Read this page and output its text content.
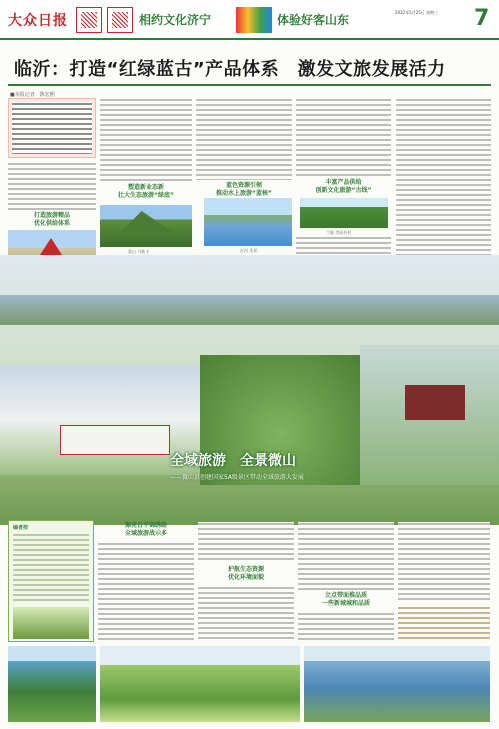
大众日报	相约文化济宁	体验好客山东
2022年5月25日 星期三	7
临沂：打造“红绿蓝古”产品体系　激发文旅发展活力
■本报记者　陈宏熙
打造旅游精品
优化供给体系
塑造新业态新
壮大生态旅游“绿底”
蒙山 马蚨卡
蓝色资源引领
推动水上旅游“蓝核”
沂河 美景
丰富产品供给
创新文化旅游“古线”
兰陵 美丽乡村
全域旅游　全景微山
——微山县创建国家5A级景区带动全域旅游大发展
编者按	擦亮台平锦绣路
全域旅游战示多
护航生态资源
优化环境面貌
立点带面推品质
一些新城城和品质
